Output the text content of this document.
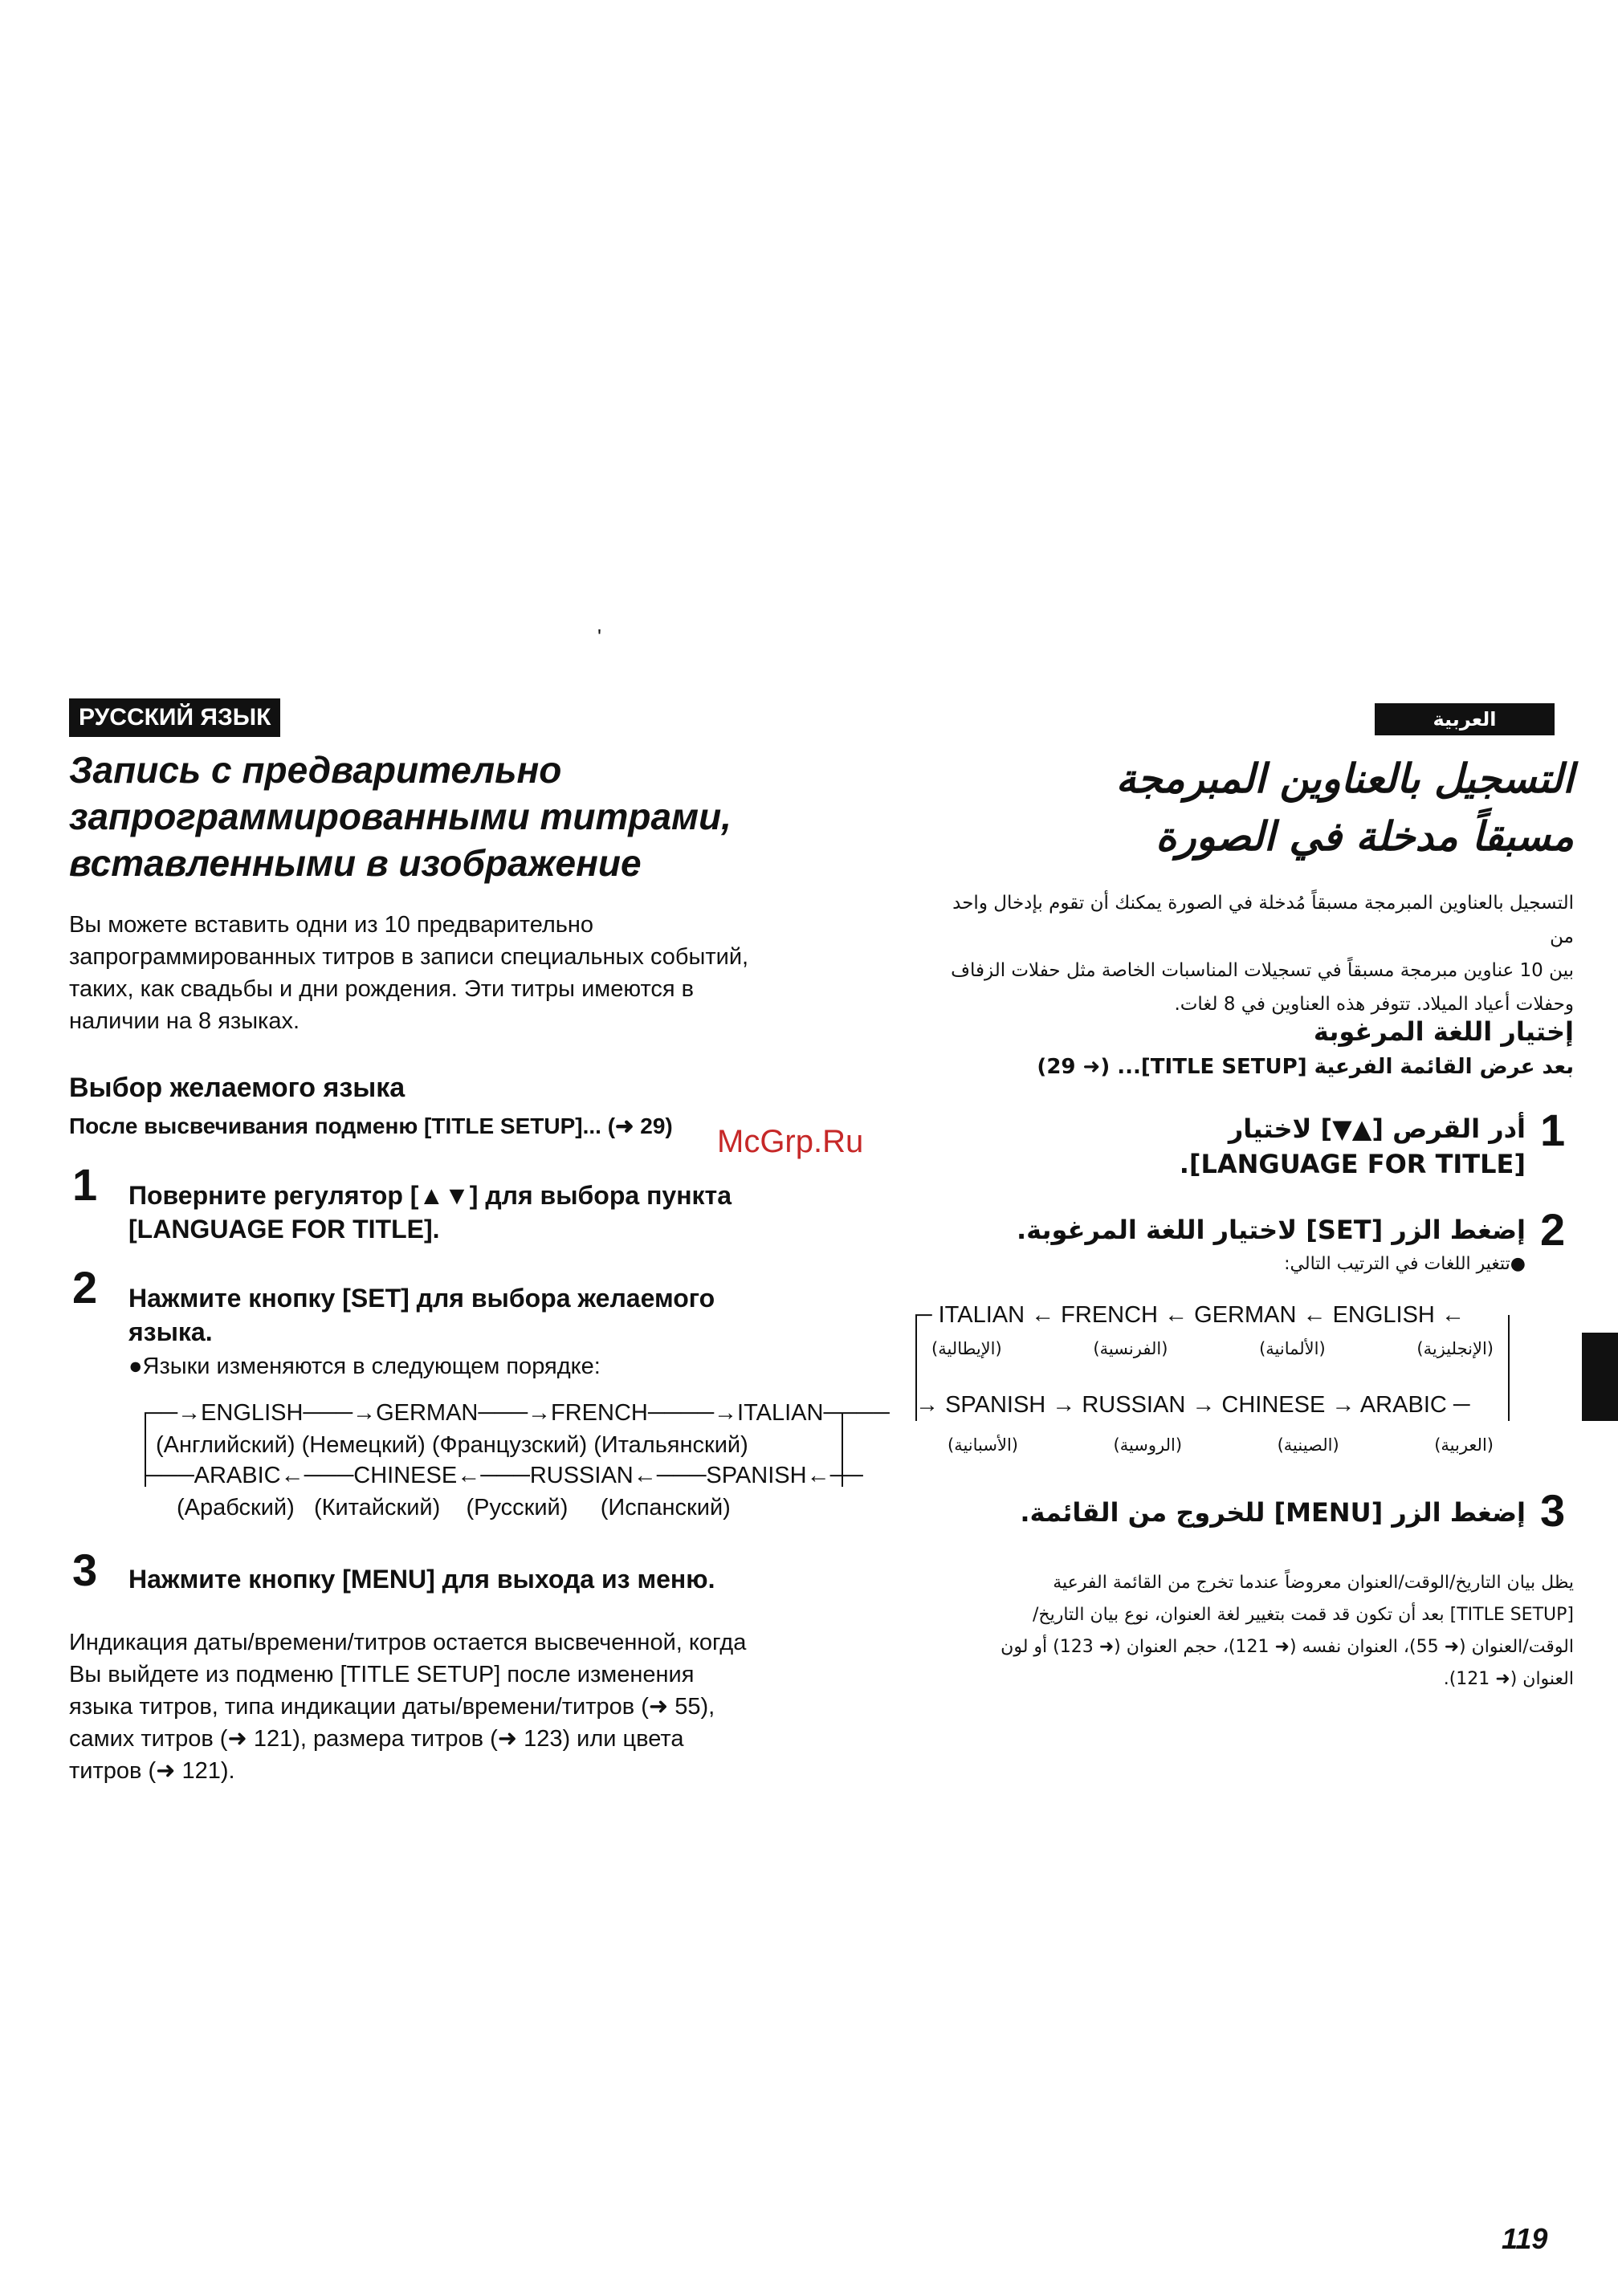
'
РУССКИЙ ЯЗЫК
Запись с предварительно
запрограммированными титрами,
вставленными в изображение
Вы можете вставить одни из 10 предварительно
запрограммированных титров в записи специальных событий,
таких, как свадьбы и дни рождения. Эти титры имеются в
наличии на 8 языках.
Выбор желаемого языка
После высвечивания подменю [TITLE SETUP]... (➜ 29) McGrp.Ru
1 Поверните регулятор [▲▼] для выбора пункта
[LANGUAGE FOR TITLE].
2 Нажмите кнопку [SET] для выбора желаемого
языка.
●Языки изменяются в следующем порядке:
──→ENGLISH───→GERMAN───→FRENCH────→ITALIAN────
(Английский) (Немецкий) (Французский) (Итальянский)
───ARABIC←───CHINESE←───RUSSIAN←───SPANISH←──
(Арабский) (Китайский) (Русский) (Испанский)
3 Нажмите кнопку [MENU] для выхода из меню.
Индикация даты/времени/титров остается высвеченной, когда
Вы выйдете из подменю [TITLE SETUP] после изменения
языка титров, типа индикации даты/времени/титров (➜ 55),
самих титров (➜ 121), размера титров (➜ 123) или цвета
титров (➜ 121).
العربية
التسجيل بالعناوين المبرمجة
مسبقاً مدخلة في الصورة
التسجيل بالعناوين المبرمجة مسبقاً مُدخلة في الصورة يمكنك أن تقوم بإدخال واحد من
بين 10 عناوين مبرمجة مسبقاً في تسجيلات المناسبات الخاصة مثل حفلات الزفاف
وحفلات أعياد الميلاد. تتوفر هذه العناوين في 8 لغات.
إختيار اللغة المرغوبة
بعد عرض القائمة الفرعية [TITLE SETUP]... (➜ 29)
1
أدر القرص [▲▼] لاختيار
[LANGUAGE FOR TITLE].
2
إضغط الزر [SET] لاختيار اللغة المرغوبة.
●تتغير اللغات في الترتيب التالي:
─ ITALIAN ← FRENCH ← GERMAN ← ENGLISH ←
(الإيطالية)	(الفرنسية)	(الألمانية)	(الإنجليزية)
→ SPANISH → RUSSIAN → CHINESE → ARABIC ─
(الأسبانية)	(الروسية)	(الصينية)	(العربية)
3
إضغط الزر [MENU] للخروج من القائمة.
يظل بيان التاريخ/الوقت/العنوان معروضاً عندما تخرج من القائمة الفرعية
[TITLE SETUP] بعد أن تكون قد قمت بتغيير لغة العنوان، نوع بيان التاريخ/
الوقت/العنوان (➜ 55)، العنوان نفسه (➜ 121)، حجم العنوان (➜ 123) أو لون
العنوان (➜ 121).
119
